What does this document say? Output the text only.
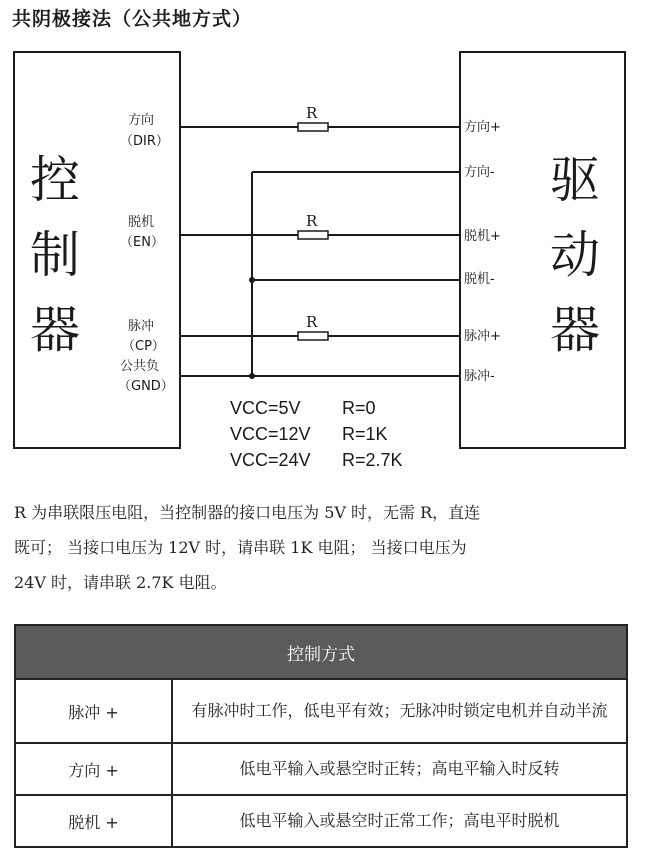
共阴极接法（公共地方式）
控
制
器
驱
动
器
方向
（DIR）
脱机
（EN）
脉冲
（CP）
公共负
（GND）
方向+
方向-
脱机+
脱机-
脉冲+
脉冲-
R
R
R
VCC=5V R=0
VCC=12V R=1K
VCC=24V R=2.7K
R 为串联限压电阻，当控制器的接口电压为 5V 时，无需 R，直连
既可； 当接口电压为 12V 时，请串联 1K 电阻； 当接口电压为
24V 时，请串联 2.7K 电阻。
控制方式	
脉冲 +	有脉冲时工作，低电平有效；无脉冲时锁定电机并自动半流
方向 +	低电平输入或悬空时正转；高电平输入时反转
脱机 +	低电平输入或悬空时正常工作；高电平时脱机
